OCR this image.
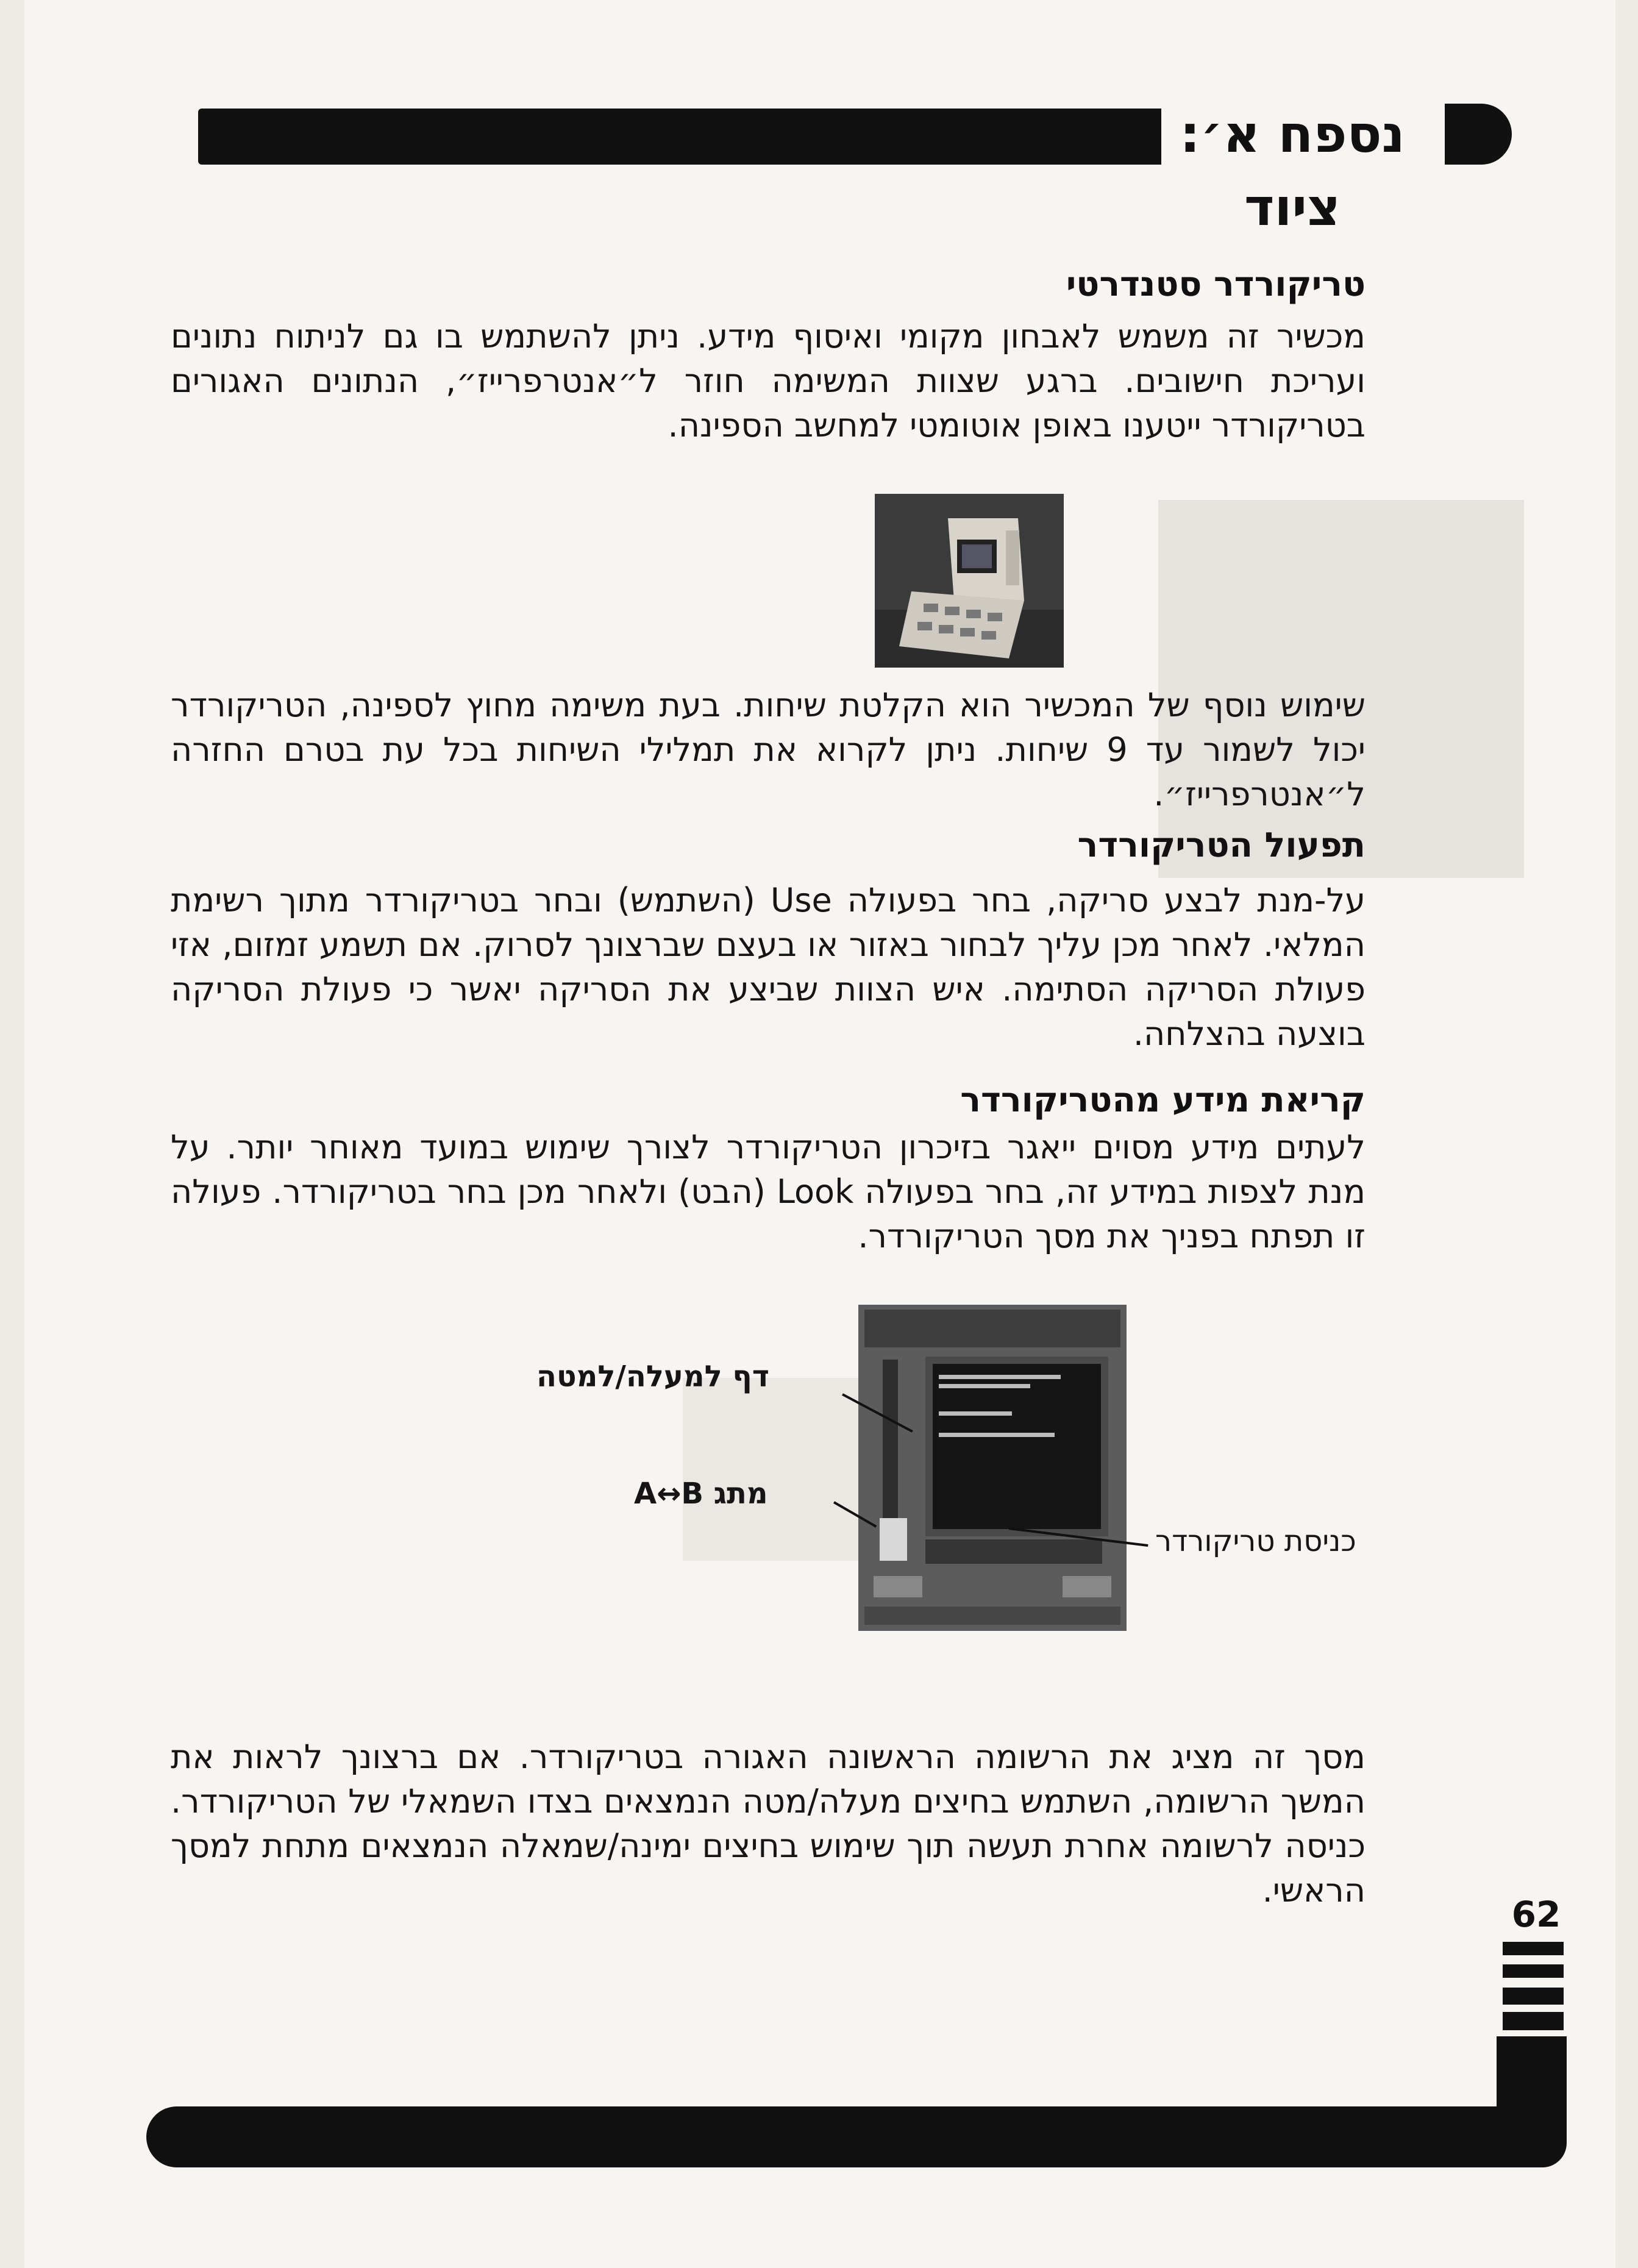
נספח א׳: ציוד
טריקורדר סטנדרטי
מכשיר זה משמש לאבחון מקומי ואיסוף מידע. ניתן להשתמש בו גם לניתוח נתונים ועריכת חישובים. ברגע שצוות המשימה חוזר ל״אנטרפרייז״, הנתונים האגורים בטריקורדר ייטענו באופן אוטומטי למחשב הספינה.
שימוש נוסף של המכשיר הוא הקלטת שיחות. בעת משימה מחוץ לספינה, הטריקורדר יכול לשמור עד 9 שיחות. ניתן לקרוא את תמלילי השיחות בכל עת בטרם החזרה ל״אנטרפרייז״.
תפעול הטריקורדר
על-מנת לבצע סריקה, בחר בפעולה Use (השתמש) ובחר בטריקורדר מתוך רשימת המלאי. לאחר מכן עליך לבחור באזור או בעצם שברצונך לסרוק. אם תשמע זמזום, אזי פעולת הסריקה הסתימה. איש הצוות שביצע את הסריקה יאשר כי פעולת הסריקה בוצעה בהצלחה.
קריאת מידע מהטריקורדר
לעתים מידע מסוים ייאגר בזיכרון הטריקורדר לצורך שימוש במועד מאוחר יותר. על מנת לצפות במידע זה, בחר בפעולה Look (הבט) ולאחר מכן בחר בטריקורדר. פעולה זו תפתח בפניך את מסך הטריקורדר.
דף למעלה/למטה
מתג A↔B
כניסת טריקורדר
מסך זה מציג את הרשומה הראשונה האגורה בטריקורדר. אם ברצונך לראות את המשך הרשומה, השתמש בחיצים מעלה/מטה הנמצאים בצדו השמאלי של הטריקורדר. כניסה לרשומה אחרת תעשה תוך שימוש בחיצים ימינה/שמאלה הנמצאים מתחת למסך הראשי.
62
